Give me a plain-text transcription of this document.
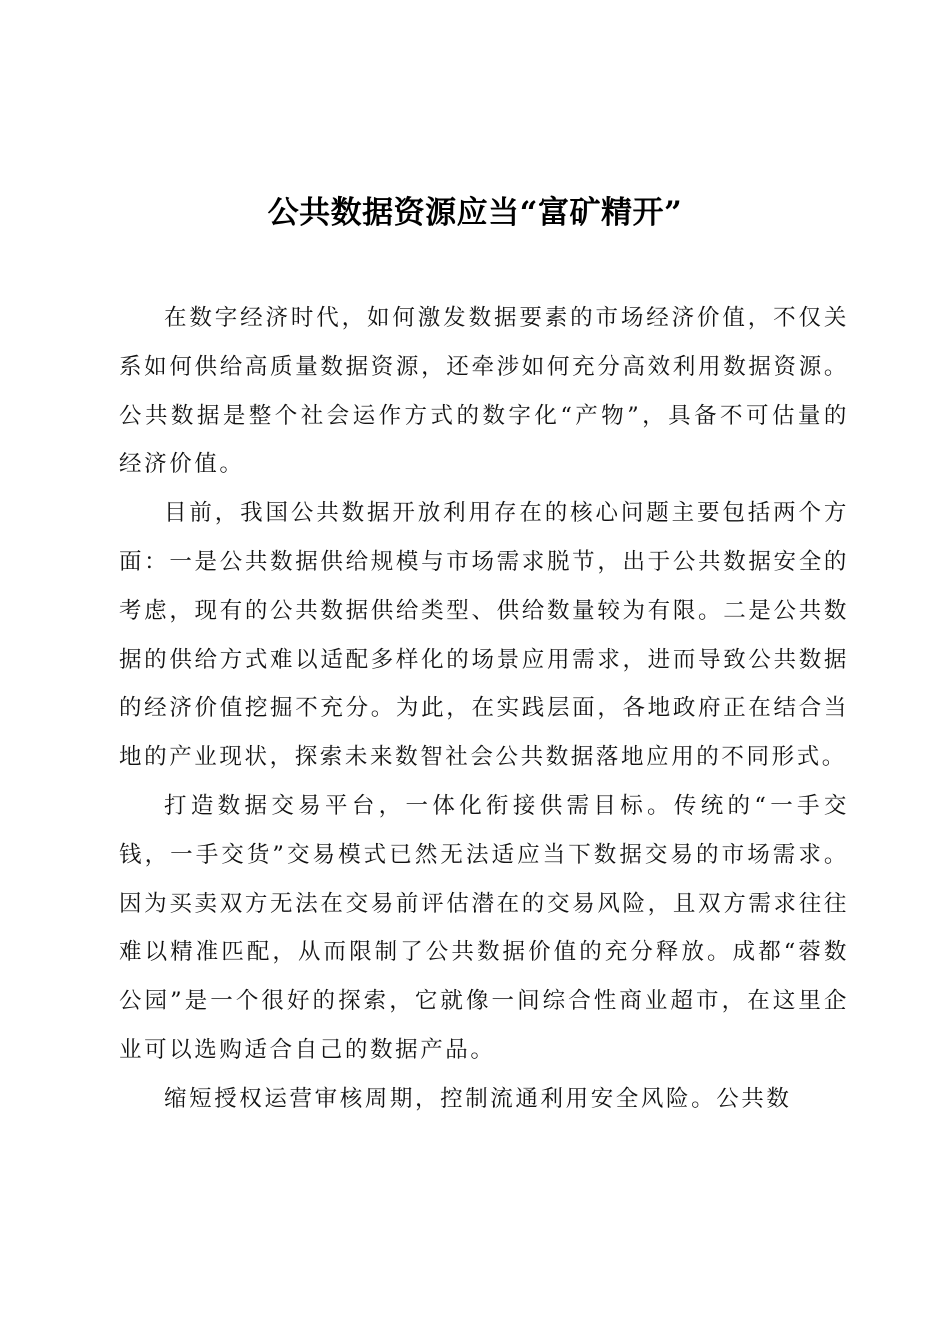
公共数据资源应当“富矿精开”

在数字经济时代，如何激发数据要素的市场经济价值，不仅关系如何供给高质量数据资源，还牵涉如何充分高效利用数据资源。公共数据是整个社会运作方式的数字化“产物”，具备不可估量的经济价值。

目前，我国公共数据开放利用存在的核心问题主要包括两个方面：一是公共数据供给规模与市场需求脱节，出于公共数据安全的考虑，现有的公共数据供给类型、供给数量较为有限。二是公共数据的供给方式难以适配多样化的场景应用需求，进而导致公共数据的经济价值挖掘不充分。为此，在实践层面，各地政府正在结合当地的产业现状，探索未来数智社会公共数据落地应用的不同形式。

打造数据交易平台，一体化衔接供需目标。传统的“一手交钱，一手交货”交易模式已然无法适应当下数据交易的市场需求。因为买卖双方无法在交易前评估潜在的交易风险，且双方需求往往难以精准匹配，从而限制了公共数据价值的充分释放。成都“蓉数公园”是一个很好的探索，它就像一间综合性商业超市，在这里企业可以选购适合自己的数据产品。

缩短授权运营审核周期，控制流通利用安全风险。公共数
